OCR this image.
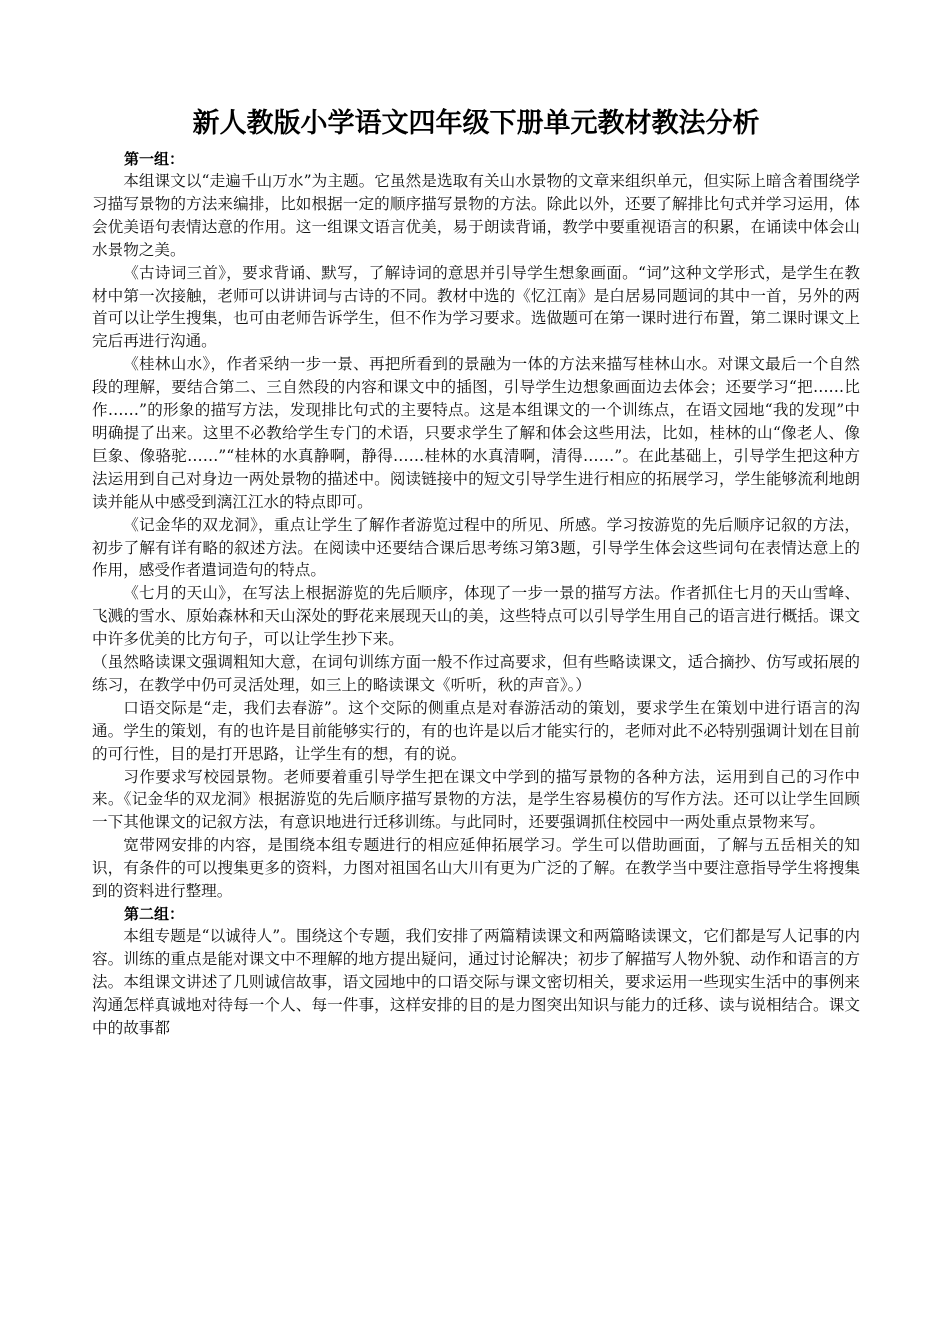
新人教版小学语文四年级下册单元教材教法分析

第一组：

本组课文以“走遍千山万水”为主题。它虽然是选取有关山水景物的文章来组织单元，但实际上暗含着围绕学习描写景物的方法来编排，比如根据一定的顺序描写景物的方法。除此以外，还要了解排比句式并学习运用，体会优美语句表情达意的作用。这一组课文语言优美，易于朗读背诵，教学中要重视语言的积累，在诵读中体会山水景物之美。

《古诗词三首》，要求背诵、默写，了解诗词的意思并引导学生想象画面。“词”这种文学形式，是学生在教材中第一次接触，老师可以讲讲词与古诗的不同。教材中选的《忆江南》是白居易同题词的其中一首，另外的两首可以让学生搜集，也可由老师告诉学生，但不作为学习要求。选做题可在第一课时进行布置，第二课时课文上完后再进行沟通。

《桂林山水》，作者采纳一步一景、再把所看到的景融为一体的方法来描写桂林山水。对课文最后一个自然段的理解，要结合第二、三自然段的内容和课文中的插图，引导学生边想象画面边去体会；还要学习“把……比作……”的形象的描写方法，发现排比句式的主要特点。这是本组课文的一个训练点，在语文园地“我的发现”中明确提了出来。这里不必教给学生专门的术语，只要求学生了解和体会这些用法，比如，桂林的山“像老人、像巨象、像骆驼……”“桂林的水真静啊，静得……桂林的水真清啊，清得……”。在此基础上，引导学生把这种方法运用到自己对身边一两处景物的描述中。阅读链接中的短文引导学生进行相应的拓展学习，学生能够流利地朗读并能从中感受到漓江江水的特点即可。

《记金华的双龙洞》，重点让学生了解作者游览过程中的所见、所感。学习按游览的先后顺序记叙的方法，初步了解有详有略的叙述方法。在阅读中还要结合课后思考练习第3题，引导学生体会这些词句在表情达意上的作用，感受作者遣词造句的特点。

《七月的天山》，在写法上根据游览的先后顺序，体现了一步一景的描写方法。作者抓住七月的天山雪峰、飞溅的雪水、原始森林和天山深处的野花来展现天山的美，这些特点可以引导学生用自己的语言进行概括。课文中许多优美的比方句子，可以让学生抄下来。

（虽然略读课文强调粗知大意，在词句训练方面一般不作过高要求，但有些略读课文，适合摘抄、仿写或拓展的练习，在教学中仍可灵活处理，如三上的略读课文《听听，秋的声音》。）

口语交际是“走，我们去春游”。这个交际的侧重点是对春游活动的策划，要求学生在策划中进行语言的沟通。学生的策划，有的也许是目前能够实行的，有的也许是以后才能实行的，老师对此不必特别强调计划在目前的可行性，目的是打开思路，让学生有的想，有的说。

习作要求写校园景物。老师要着重引导学生把在课文中学到的描写景物的各种方法，运用到自己的习作中来。《记金华的双龙洞》根据游览的先后顺序描写景物的方法，是学生容易模仿的写作方法。还可以让学生回顾一下其他课文的记叙方法，有意识地进行迁移训练。与此同时，还要强调抓住校园中一两处重点景物来写。

宽带网安排的内容，是围绕本组专题进行的相应延伸拓展学习。学生可以借助画面，了解与五岳相关的知识，有条件的可以搜集更多的资料，力图对祖国名山大川有更为广泛的了解。在教学当中要注意指导学生将搜集到的资料进行整理。

第二组：

本组专题是“以诚待人”。围绕这个专题，我们安排了两篇精读课文和两篇略读课文，它们都是写人记事的内容。训练的重点是能对课文中不理解的地方提出疑问，通过讨论解决；初步了解描写人物外貌、动作和语言的方法。本组课文讲述了几则诚信故事，语文园地中的口语交际与课文密切相关，要求运用一些现实生活中的事例来沟通怎样真诚地对待每一个人、每一件事，这样安排的目的是力图突出知识与能力的迁移、读与说相结合。课文中的故事都
